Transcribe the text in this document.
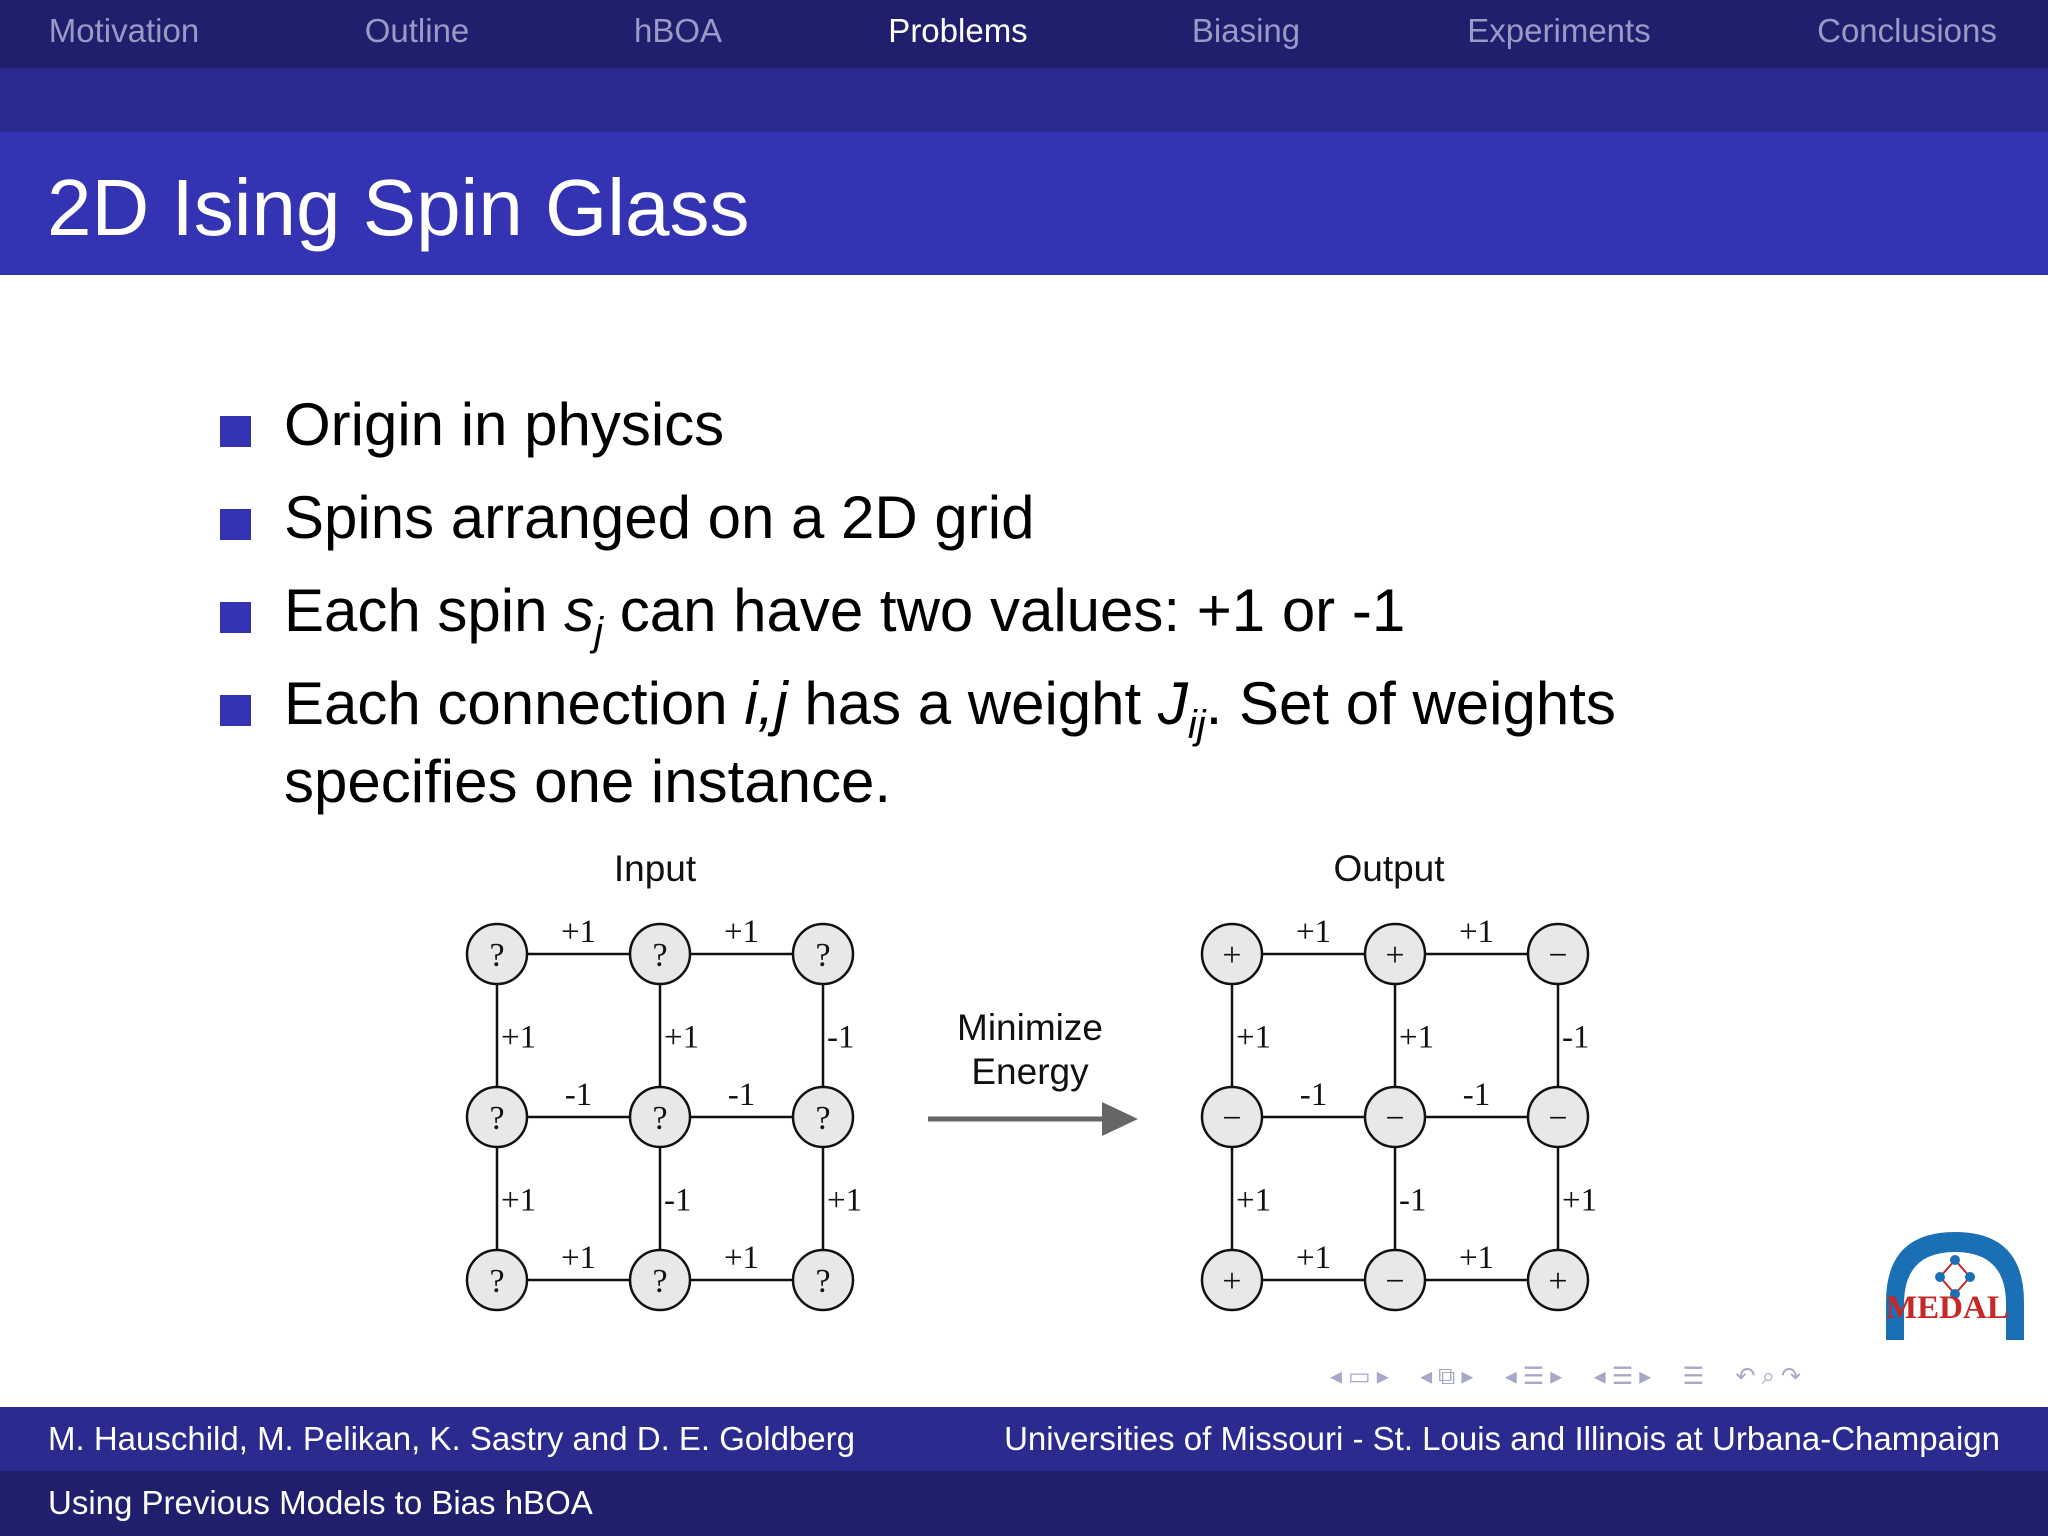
Motivation	Outline	hBOA	Problems	Biasing	Experiments	Conclusions
2D Ising Spin Glass
Origin in physics
Spins arranged on a 2D grid
Each spin $s_j$ can have two values: +1 or -1
Each connection i,j has a weight $J_{ij}$. Set of weights
specifies one instance.
Input	Output
Minimize
Energy
+1	+1
-1	-1
+1	+1
+1	+1	-1
+1	-1	+1
?	?	?
?	?	?
?	?	?
+1	+1
-1	-1
+1	+1
+1	+1	-1
+1	-1	+1
+	+	−
−	−	−
+	−	+
MEDAL
◂▭▸ ◂⧉▸ ◂☰▸ ◂☰▸ ☰ ↶⌕↷
M. Hauschild, M. Pelikan, K. Sastry and D. E. Goldberg	Universities of Missouri - St. Louis and Illinois at Urbana-Champaign
Using Previous Models to Bias hBOA
